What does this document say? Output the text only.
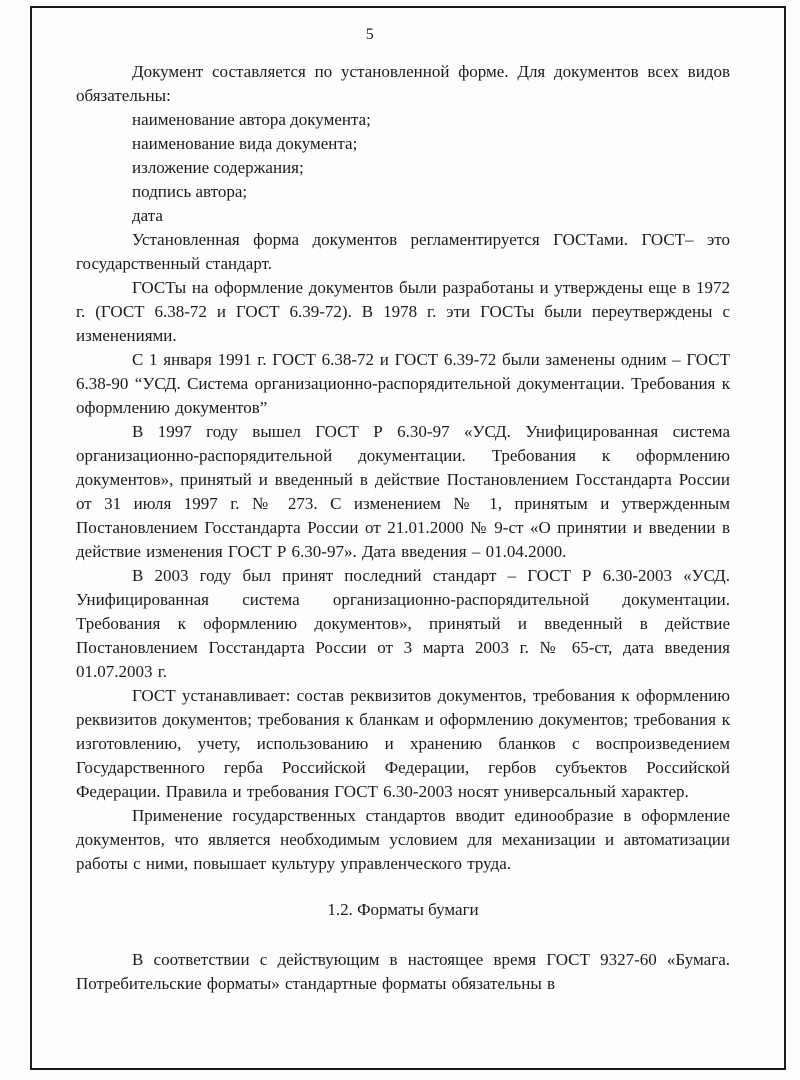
5

Документ составляется по установленной форме. Для документов всех видов обязательны:

наименование автора документа;

наименование вида документа;

изложение содержания;

подпись автора;

дата

Установленная форма документов регламентируется ГОСТами. ГОСТ– это государственный стандарт.

ГОСТы на оформление документов были разработаны и утверждены еще в 1972 г. (ГОСТ 6.38-72 и ГОСТ 6.39-72). В 1978 г. эти ГОСТы были переутверждены с изменениями.

С 1 января 1991 г. ГОСТ 6.38-72 и ГОСТ 6.39-72 были заменены одним – ГОСТ 6.38-90 “УСД. Система организационно-распорядительной документации. Требования к оформлению документов”

В 1997 году вышел ГОСТ Р 6.30-97 «УСД. Унифицированная система организационно-распорядительной документации. Требования к оформлению документов», принятый и введенный в действие Постановлением Госстандарта России от 31 июля 1997 г. № 273. С изменением № 1, принятым и утвержденным Постановлением Госстандарта России от 21.01.2000 № 9-ст «О принятии и введении в действие изменения ГОСТ Р 6.30-97». Дата введения – 01.04.2000.

В 2003 году был принят последний стандарт – ГОСТ Р 6.30-2003 «УСД. Унифицированная система организационно-распорядительной документации. Требования к оформлению документов», принятый и введенный в действие Постановлением Госстандарта России от 3 марта 2003 г. № 65-ст, дата введения 01.07.2003 г.

ГОСТ устанавливает: состав реквизитов документов, требования к оформлению реквизитов документов; требования к бланкам и оформлению документов; требования к изготовлению, учету, использованию и хранению бланков с воспроизведением Государственного герба Российской Федерации, гербов субъектов Российской Федерации. Правила и требования ГОСТ 6.30-2003 носят универсальный характер.

Применение государственных стандартов вводит единообразие в оформление документов, что является необходимым условием для механизации и автоматизации работы с ними, повышает культуру управленческого труда.

1.2. Форматы бумаги

В соответствии с действующим в настоящее время ГОСТ 9327-60 «Бумага. Потребительские форматы» стандартные форматы обязательны в
